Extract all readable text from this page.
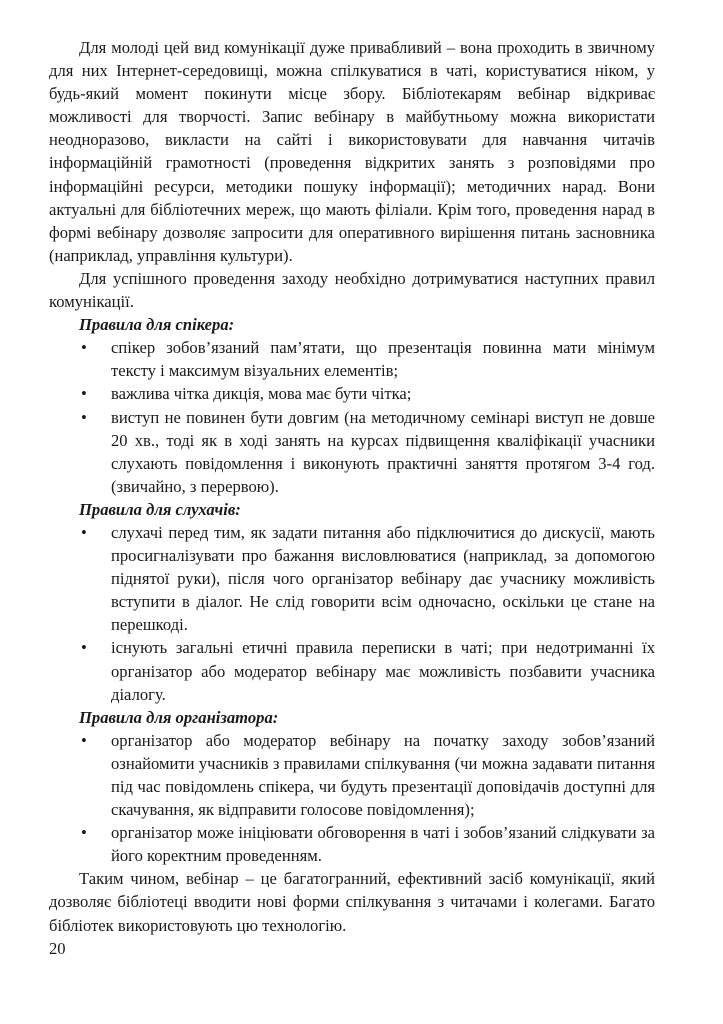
Для молоді цей вид комунікації дуже привабливий – вона проходить в звичному для них Інтернет-середовищі, можна спілкуватися в чаті, користуватися ніком, у будь-який момент покинути місце збору. Бібліотекарям вебінар відкриває можливості для творчості. Запис вебінару в майбутньому можна використати неодноразово, викласти на сайті і використовувати для навчання читачів інформаційній грамотності (проведення відкритих занять з розповідями про інформаційні ресурси, методики пошуку інформації); методичних нарад. Вони актуальні для бібліотечних мереж, що мають філіали. Крім того, проведення нарад в формі вебінару дозволяє запросити для оперативного вирішення питань засновника (наприклад, управління культури).

Для успішного проведення заходу необхідно дотримуватися наступних правил комунікації.

Правила для спікера:
• спікер зобов’язаний пам’ятати, що презентація повинна мати мінімум тексту і максимум візуальних елементів;
• важлива чітка дикція, мова має бути чітка;
• виступ не повинен бути довгим (на методичному семінарі виступ не довше 20 хв., тоді як в ході занять на курсах підвищення кваліфікації учасники слухають повідомлення і виконують практичні заняття протягом 3-4 год. (звичайно, з перервою).
Правила для слухачів:
• слухачі перед тим, як задати питання або підключитися до дискусії, мають просигналізувати про бажання висловлюватися (наприклад, за допомогою піднятої руки), після чого організатор вебінару дає учаснику можливість вступити в діалог. Не слід говорити всім одночасно, оскільки це стане на перешкоді.
• існують загальні етичні правила переписки в чаті; при недотриманні їх організатор або модератор вебінару має можливість позбавити учасника діалогу.
Правила для організатора:
• організатор або модератор вебінару на початку заходу зобов’язаний ознайомити учасників з правилами спілкування (чи можна задавати питання під час повідомлень спікера, чи будуть презентації доповідачів доступні для скачування, як відправити голосове повідомлення);
• організатор може ініціювати обговорення в чаті і зобов’язаний слідкувати за його коректним проведенням.

Таким чином, вебінар – це багатогранний, ефективний засіб комунікації, який дозволяє бібліотеці вводити нові форми спілкування з читачами і колегами. Багато бібліотек використовують цю технологію.

20
